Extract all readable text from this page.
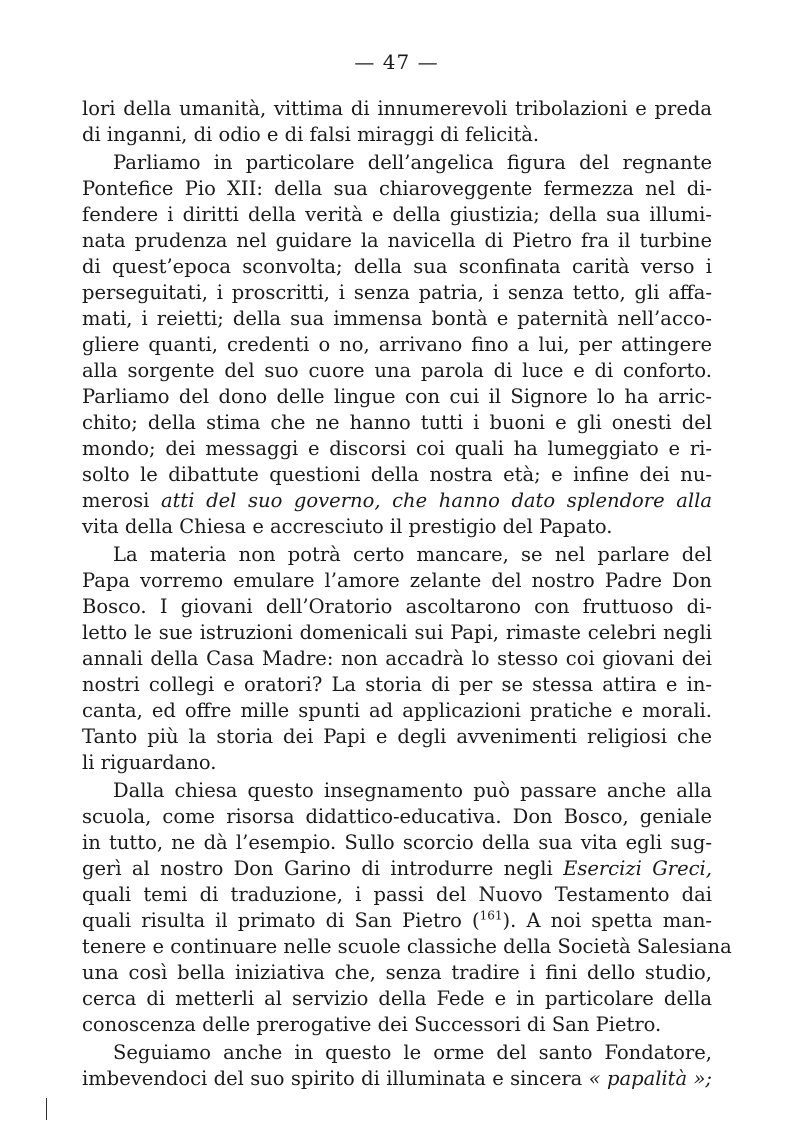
— 47 —
lori della umanità, vittima di innumerevoli tribolazioni e preda
di inganni, di odio e di falsi miraggi di felicità.
Parliamo in particolare dell’angelica figura del regnante
Pontefice Pio XII: della sua chiaroveggente fermezza nel di-
fendere i diritti della verità e della giustizia; della sua illumi-
nata prudenza nel guidare la navicella di Pietro fra il turbine
di quest’epoca sconvolta; della sua sconfinata carità verso i
perseguitati, i proscritti, i senza patria, i senza tetto, gli affa-
mati, i reietti; della sua immensa bontà e paternità nell’acco-
gliere quanti, credenti o no, arrivano fino a lui, per attingere
alla sorgente del suo cuore una parola di luce e di conforto.
Parliamo del dono delle lingue con cui il Signore lo ha arric-
chito; della stima che ne hanno tutti i buoni e gli onesti del
mondo; dei messaggi e discorsi coi quali ha lumeggiato e ri-
solto le dibattute questioni della nostra età; e infine dei nu-
merosi atti del suo governo, che hanno dato splendore alla
vita della Chiesa e accresciuto il prestigio del Papato.
La materia non potrà certo mancare, se nel parlare del
Papa vorremo emulare l’amore zelante del nostro Padre Don
Bosco. I giovani dell’Oratorio ascoltarono con fruttuoso di-
letto le sue istruzioni domenicali sui Papi, rimaste celebri negli
annali della Casa Madre: non accadrà lo stesso coi giovani dei
nostri collegi e oratori? La storia di per se stessa attira e in-
canta, ed offre mille spunti ad applicazioni pratiche e morali.
Tanto più la storia dei Papi e degli avvenimenti religiosi che
li riguardano.
Dalla chiesa questo insegnamento può passare anche alla
scuola, come risorsa didattico-educativa. Don Bosco, geniale
in tutto, ne dà l’esempio. Sullo scorcio della sua vita egli sug-
gerì al nostro Don Garino di introdurre negli Esercizi Greci,
quali temi di traduzione, i passi del Nuovo Testamento dai
quali risulta il primato di San Pietro ($^{161}$). A noi spetta man-
tenere e continuare nelle scuole classiche della Società Salesiana
una così bella iniziativa che, senza tradire i fini dello studio,
cerca di metterli al servizio della Fede e in particolare della
conoscenza delle prerogative dei Successori di San Pietro.
Seguiamo anche in questo le orme del santo Fondatore,
imbevendoci del suo spirito di illuminata e sincera « papalità »;
